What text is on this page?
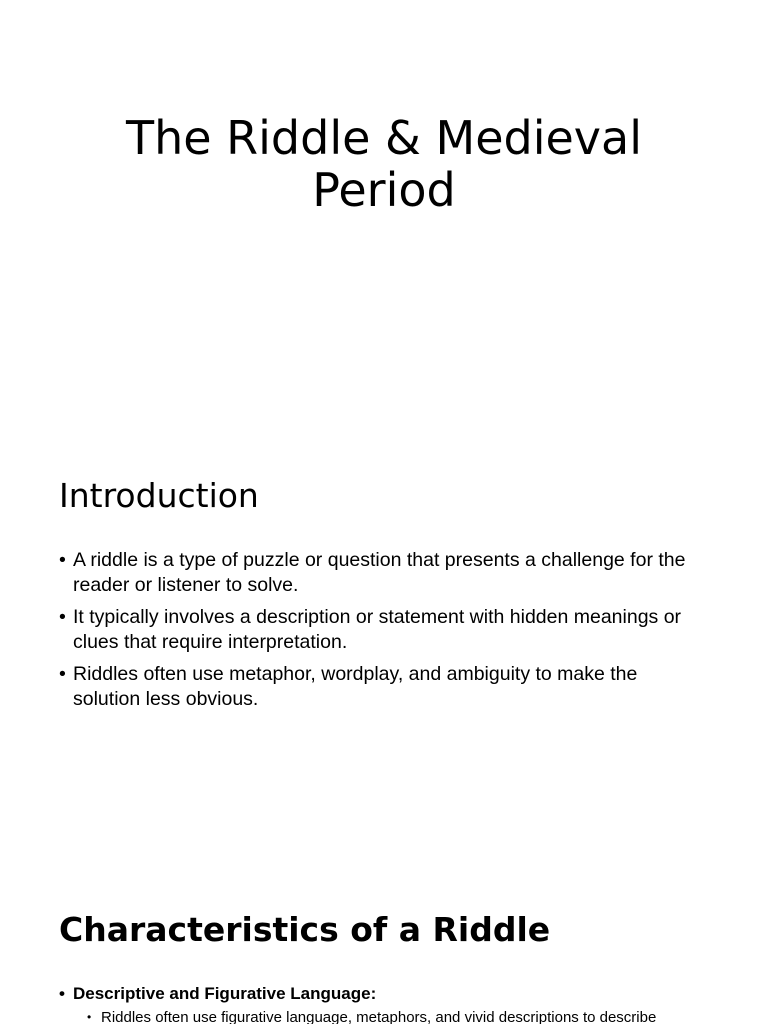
The Riddle & Medieval
Period
Introduction
• A riddle is a type of puzzle or question that presents a challenge for the reader or listener to solve.
• It typically involves a description or statement with hidden meanings or clues that require interpretation.
• Riddles often use metaphor, wordplay, and ambiguity to make the solution less obvious.
Characteristics of a Riddle
• Descriptive and Figurative Language:
• Riddles often use figurative language, metaphors, and vivid descriptions to describe
